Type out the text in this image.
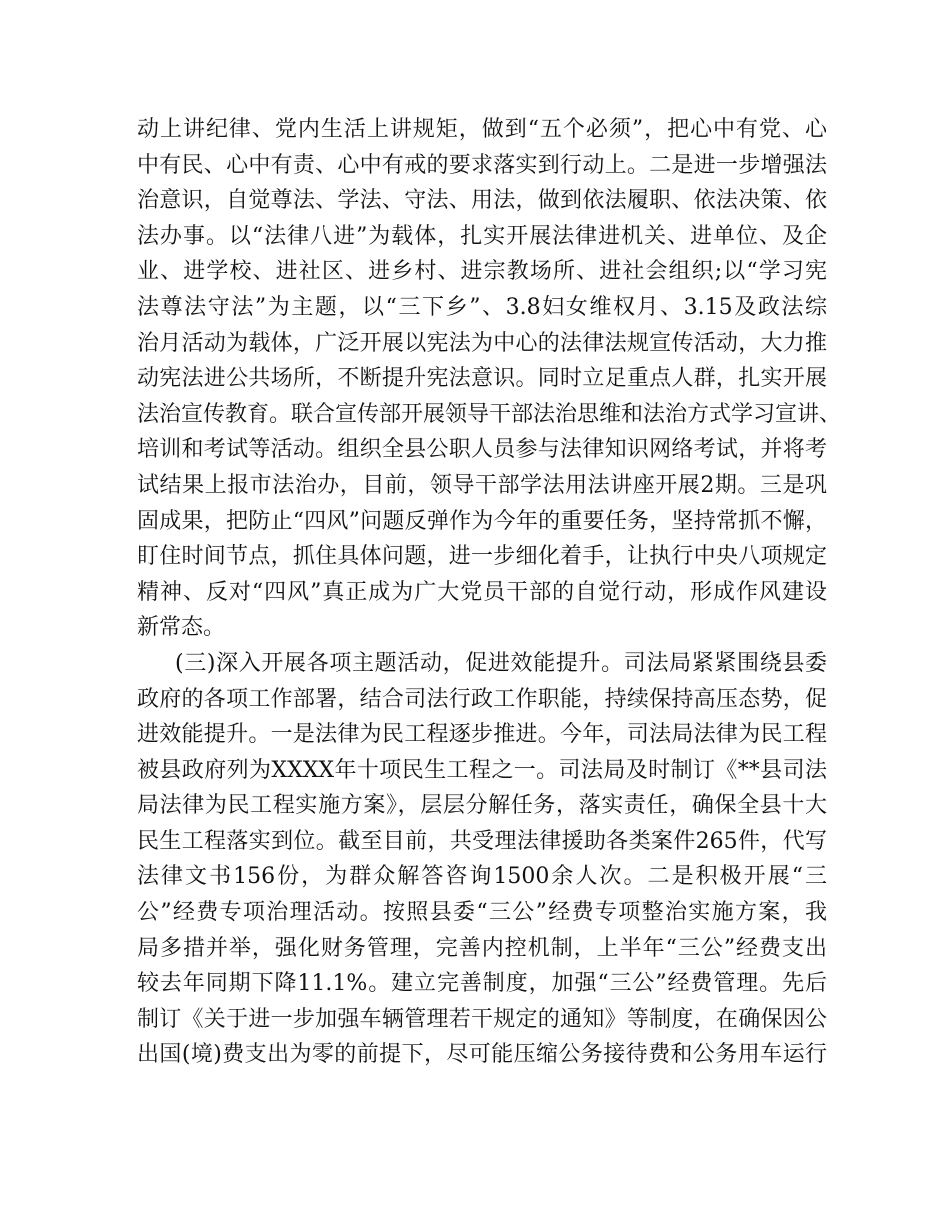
动上讲纪律、党内生活上讲规矩，做到“五个必须”，把心中有党、心
中有民、心中有责、心中有戒的要求落实到行动上。二是进一步增强法
治意识，自觉尊法、学法、守法、用法，做到依法履职、依法决策、依
法办事。以“法律八进”为载体，扎实开展法律进机关、进单位、及企
业、进学校、进社区、进乡村、进宗教场所、进社会组织;以“学习宪
法尊法守法”为主题，以“三下乡”、3.8妇女维权月、3.15及政法综
治月活动为载体，广泛开展以宪法为中心的法律法规宣传活动，大力推
动宪法进公共场所，不断提升宪法意识。同时立足重点人群，扎实开展
法治宣传教育。联合宣传部开展领导干部法治思维和法治方式学习宣讲、
培训和考试等活动。组织全县公职人员参与法律知识网络考试，并将考
试结果上报市法治办，目前，领导干部学法用法讲座开展2期。三是巩
固成果，把防止“四风”问题反弹作为今年的重要任务，坚持常抓不懈，
盯住时间节点，抓住具体问题，进一步细化着手，让执行中央八项规定
精神、反对“四风”真正成为广大党员干部的自觉行动，形成作风建设
新常态。
(三)深入开展各项主题活动，促进效能提升。司法局紧紧围绕县委
政府的各项工作部署，结合司法行政工作职能，持续保持高压态势，促
进效能提升。一是法律为民工程逐步推进。今年，司法局法律为民工程
被县政府列为XXXX年十项民生工程之一。司法局及时制订《**县司法
局法律为民工程实施方案》，层层分解任务，落实责任，确保全县十大
民生工程落实到位。截至目前，共受理法律援助各类案件265件，代写
法律文书156份，为群众解答咨询1500余人次。二是积极开展“三
公”经费专项治理活动。按照县委“三公”经费专项整治实施方案，我
局多措并举，强化财务管理，完善内控机制，上半年“三公”经费支出
较去年同期下降11.1%。建立完善制度，加强“三公”经费管理。先后
制订《关于进一步加强车辆管理若干规定的通知》等制度，在确保因公
出国(境)费支出为零的前提下，尽可能压缩公务接待费和公务用车运行
